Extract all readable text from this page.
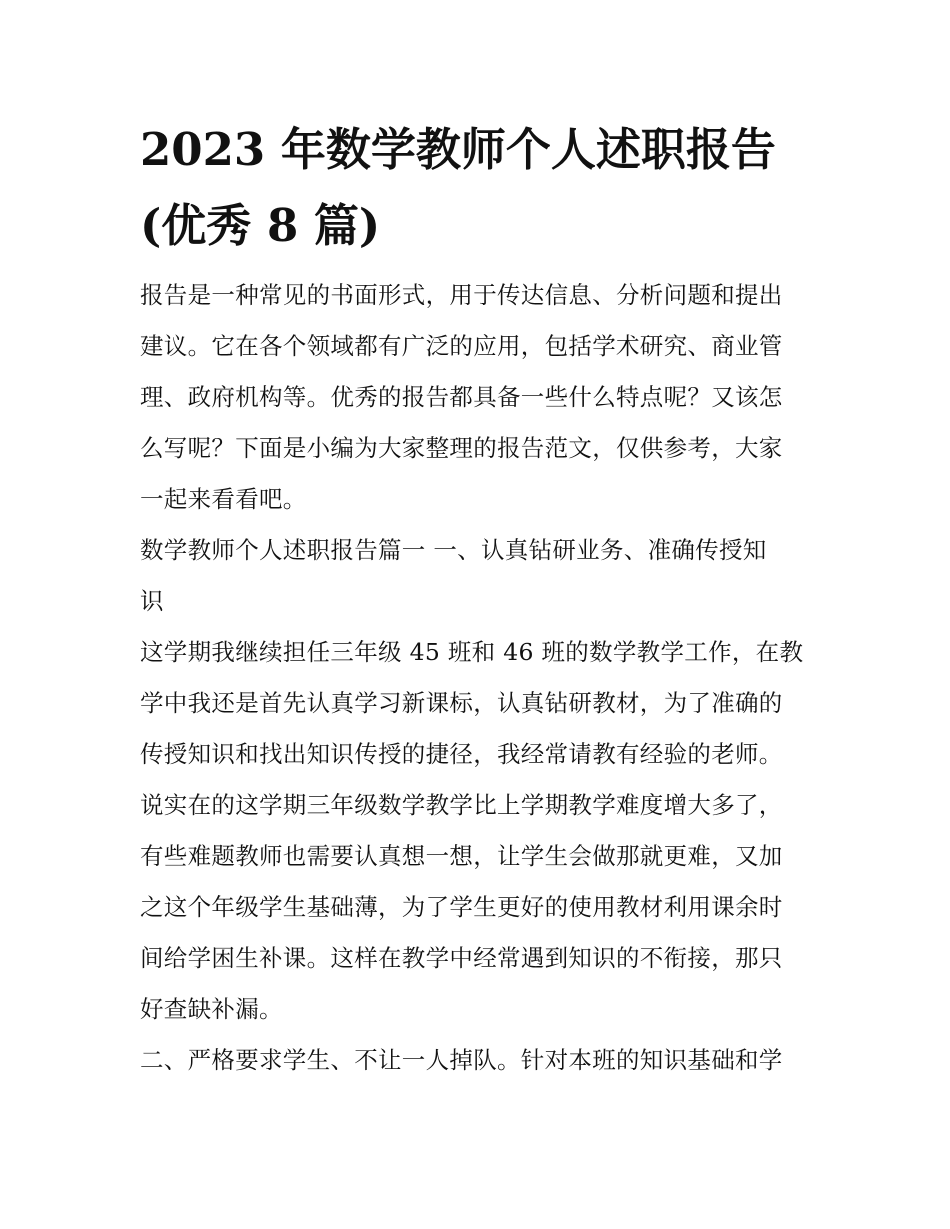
2023 年数学教师个人述职报告
(优秀 8 篇)

报告是一种常见的书面形式，用于传达信息、分析问题和提出
建议。它在各个领域都有广泛的应用，包括学术研究、商业管
理、政府机构等。优秀的报告都具备一些什么特点呢？又该怎
么写呢？下面是小编为大家整理的报告范文，仅供参考，大家
一起来看看吧。

数学教师个人述职报告篇一 一、认真钻研业务、准确传授知
识

这学期我继续担任三年级 45 班和 46 班的数学教学工作，在教
学中我还是首先认真学习新课标，认真钻研教材，为了准确的
传授知识和找出知识传授的捷径，我经常请教有经验的老师。
说实在的这学期三年级数学教学比上学期教学难度增大多了，
有些难题教师也需要认真想一想，让学生会做那就更难，又加
之这个年级学生基础薄，为了学生更好的使用教材利用课余时
间给学困生补课。这样在教学中经常遇到知识的不衔接，那只
好查缺补漏。

二、严格要求学生、不让一人掉队。针对本班的知识基础和学
